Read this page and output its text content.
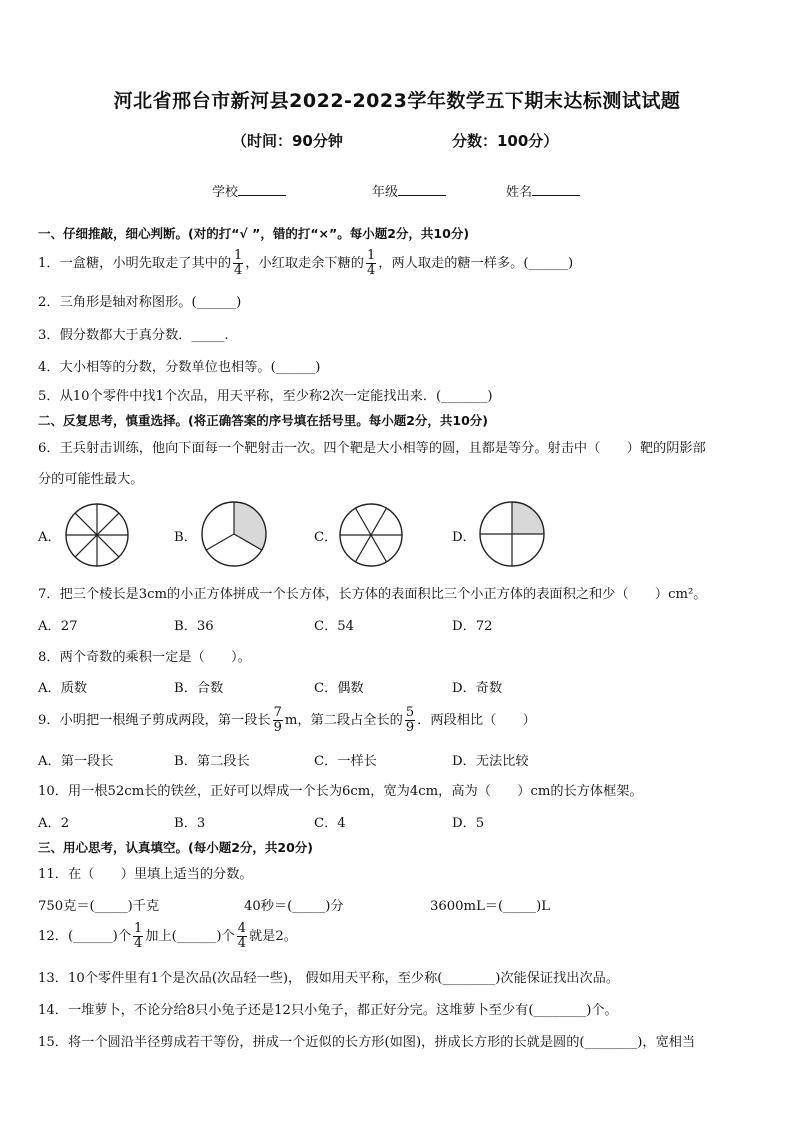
河北省邢台市新河县2022-2023学年数学五下期末达标测试试题
（时间：90分钟	分数：100分）
学校	年级	姓名
一、仔细推敲，细心判断。(对的打“√ ”，错的打“×”。每小题2分，共10分)
1．一盒糖，小明先取走了其中的 $\frac{1}{4}$ ，小红取走余下糖的 $\frac{1}{4}$ ，两人取走的糖一样多。(______)
2．三角形是轴对称图形。(______)
3．假分数都大于真分数．_____.
4．大小相等的分数，分数单位也相等。(______)
5．从10个零件中找1个次品，用天平称，至少称2次一定能找出来．(_______)
二、反复思考，慎重选择。(将正确答案的序号填在括号里。每小题2分，共10分)
6．王兵射击训练，他向下面每一个靶射击一次。四个靶是大小相等的圆，且都是等分。射击中（　　）靶的阴影部
分的可能性最大。
A．	B．	C．	D．
7．把三个棱长是3cm的小正方体拼成一个长方体，长方体的表面积比三个小正方体的表面积之和少（　　）cm²。
A．27	B．36	C．54	D．72
8．两个奇数的乘积一定是（　　）。
A．质数	B．合数	C．偶数	D．奇数
9．小明把一根绳子剪成两段，第一段长 $\frac{7}{9}$ m，第二段占全长的 $\frac{5}{9}$ ．两段相比（　　）
A．第一段长	B．第二段长	C．一样长	D．无法比较
10．用一根52cm长的铁丝，正好可以焊成一个长为6cm，宽为4cm，高为（　　）cm的长方体框架。
A．2	B．3	C．4	D．5
三、用心思考，认真填空。(每小题2分，共20分)
11．在（　　）里填上适当的分数。
750克＝(_____)千克	40秒＝(_____)分	3600mL＝(_____)L
12．(______)个 $\frac{1}{4}$ 加上(______)个 $\frac{4}{4}$ 就是2。
13．10个零件里有1个是次品(次品轻一些)， 假如用天平称，至少称(________)次能保证找出次品。
14．一堆萝卜，不论分给8只小兔子还是12只小兔子，都正好分完。这堆萝卜至少有(________)个。
15．将一个圆沿半径剪成若干等份，拼成一个近似的长方形(如图)，拼成长方形的长就是圆的(________)，宽相当
